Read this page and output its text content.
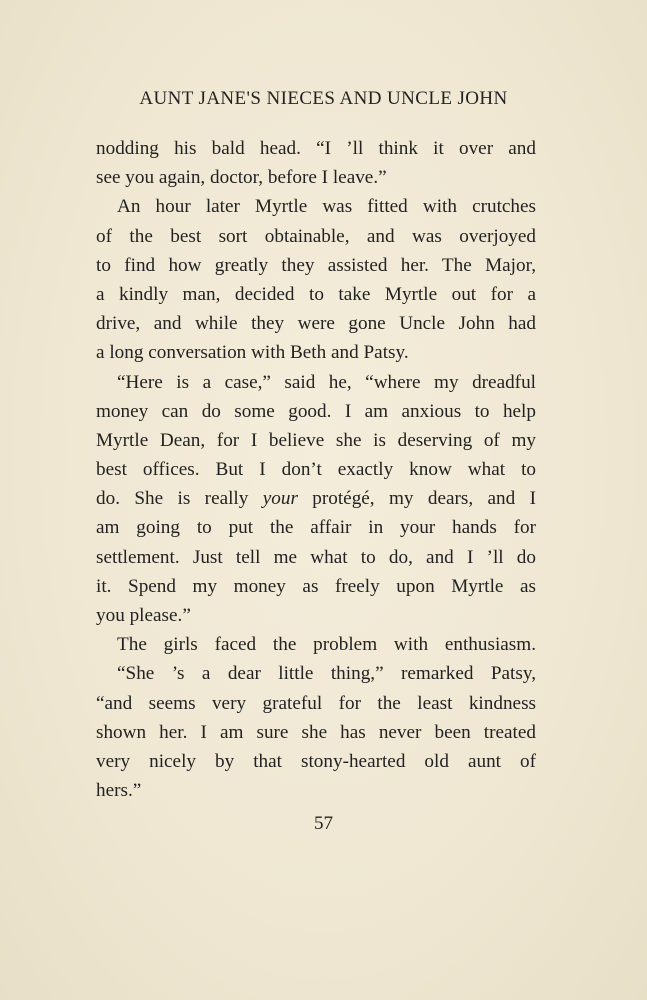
AUNT JANE'S NIECES AND UNCLE JOHN
nodding his bald head. “I ’ll think it over and
see you again, doctor, before I leave.”
An hour later Myrtle was fitted with crutches
of the best sort obtainable, and was overjoyed
to find how greatly they assisted her. The Major,
a kindly man, decided to take Myrtle out for a
drive, and while they were gone Uncle John had
a long conversation with Beth and Patsy.
“Here is a case,” said he, “where my dreadful
money can do some good. I am anxious to help
Myrtle Dean, for I believe she is deserving of my
best offices. But I don’t exactly know what to
do. She is really your protégé, my dears, and I
am going to put the affair in your hands for
settlement. Just tell me what to do, and I ’ll do
it. Spend my money as freely upon Myrtle as
you please.”
The girls faced the problem with enthusiasm.
“She ’s a dear little thing,” remarked Patsy,
“and seems very grateful for the least kindness
shown her. I am sure she has never been treated
very nicely by that stony-hearted old aunt of
hers.”
57
